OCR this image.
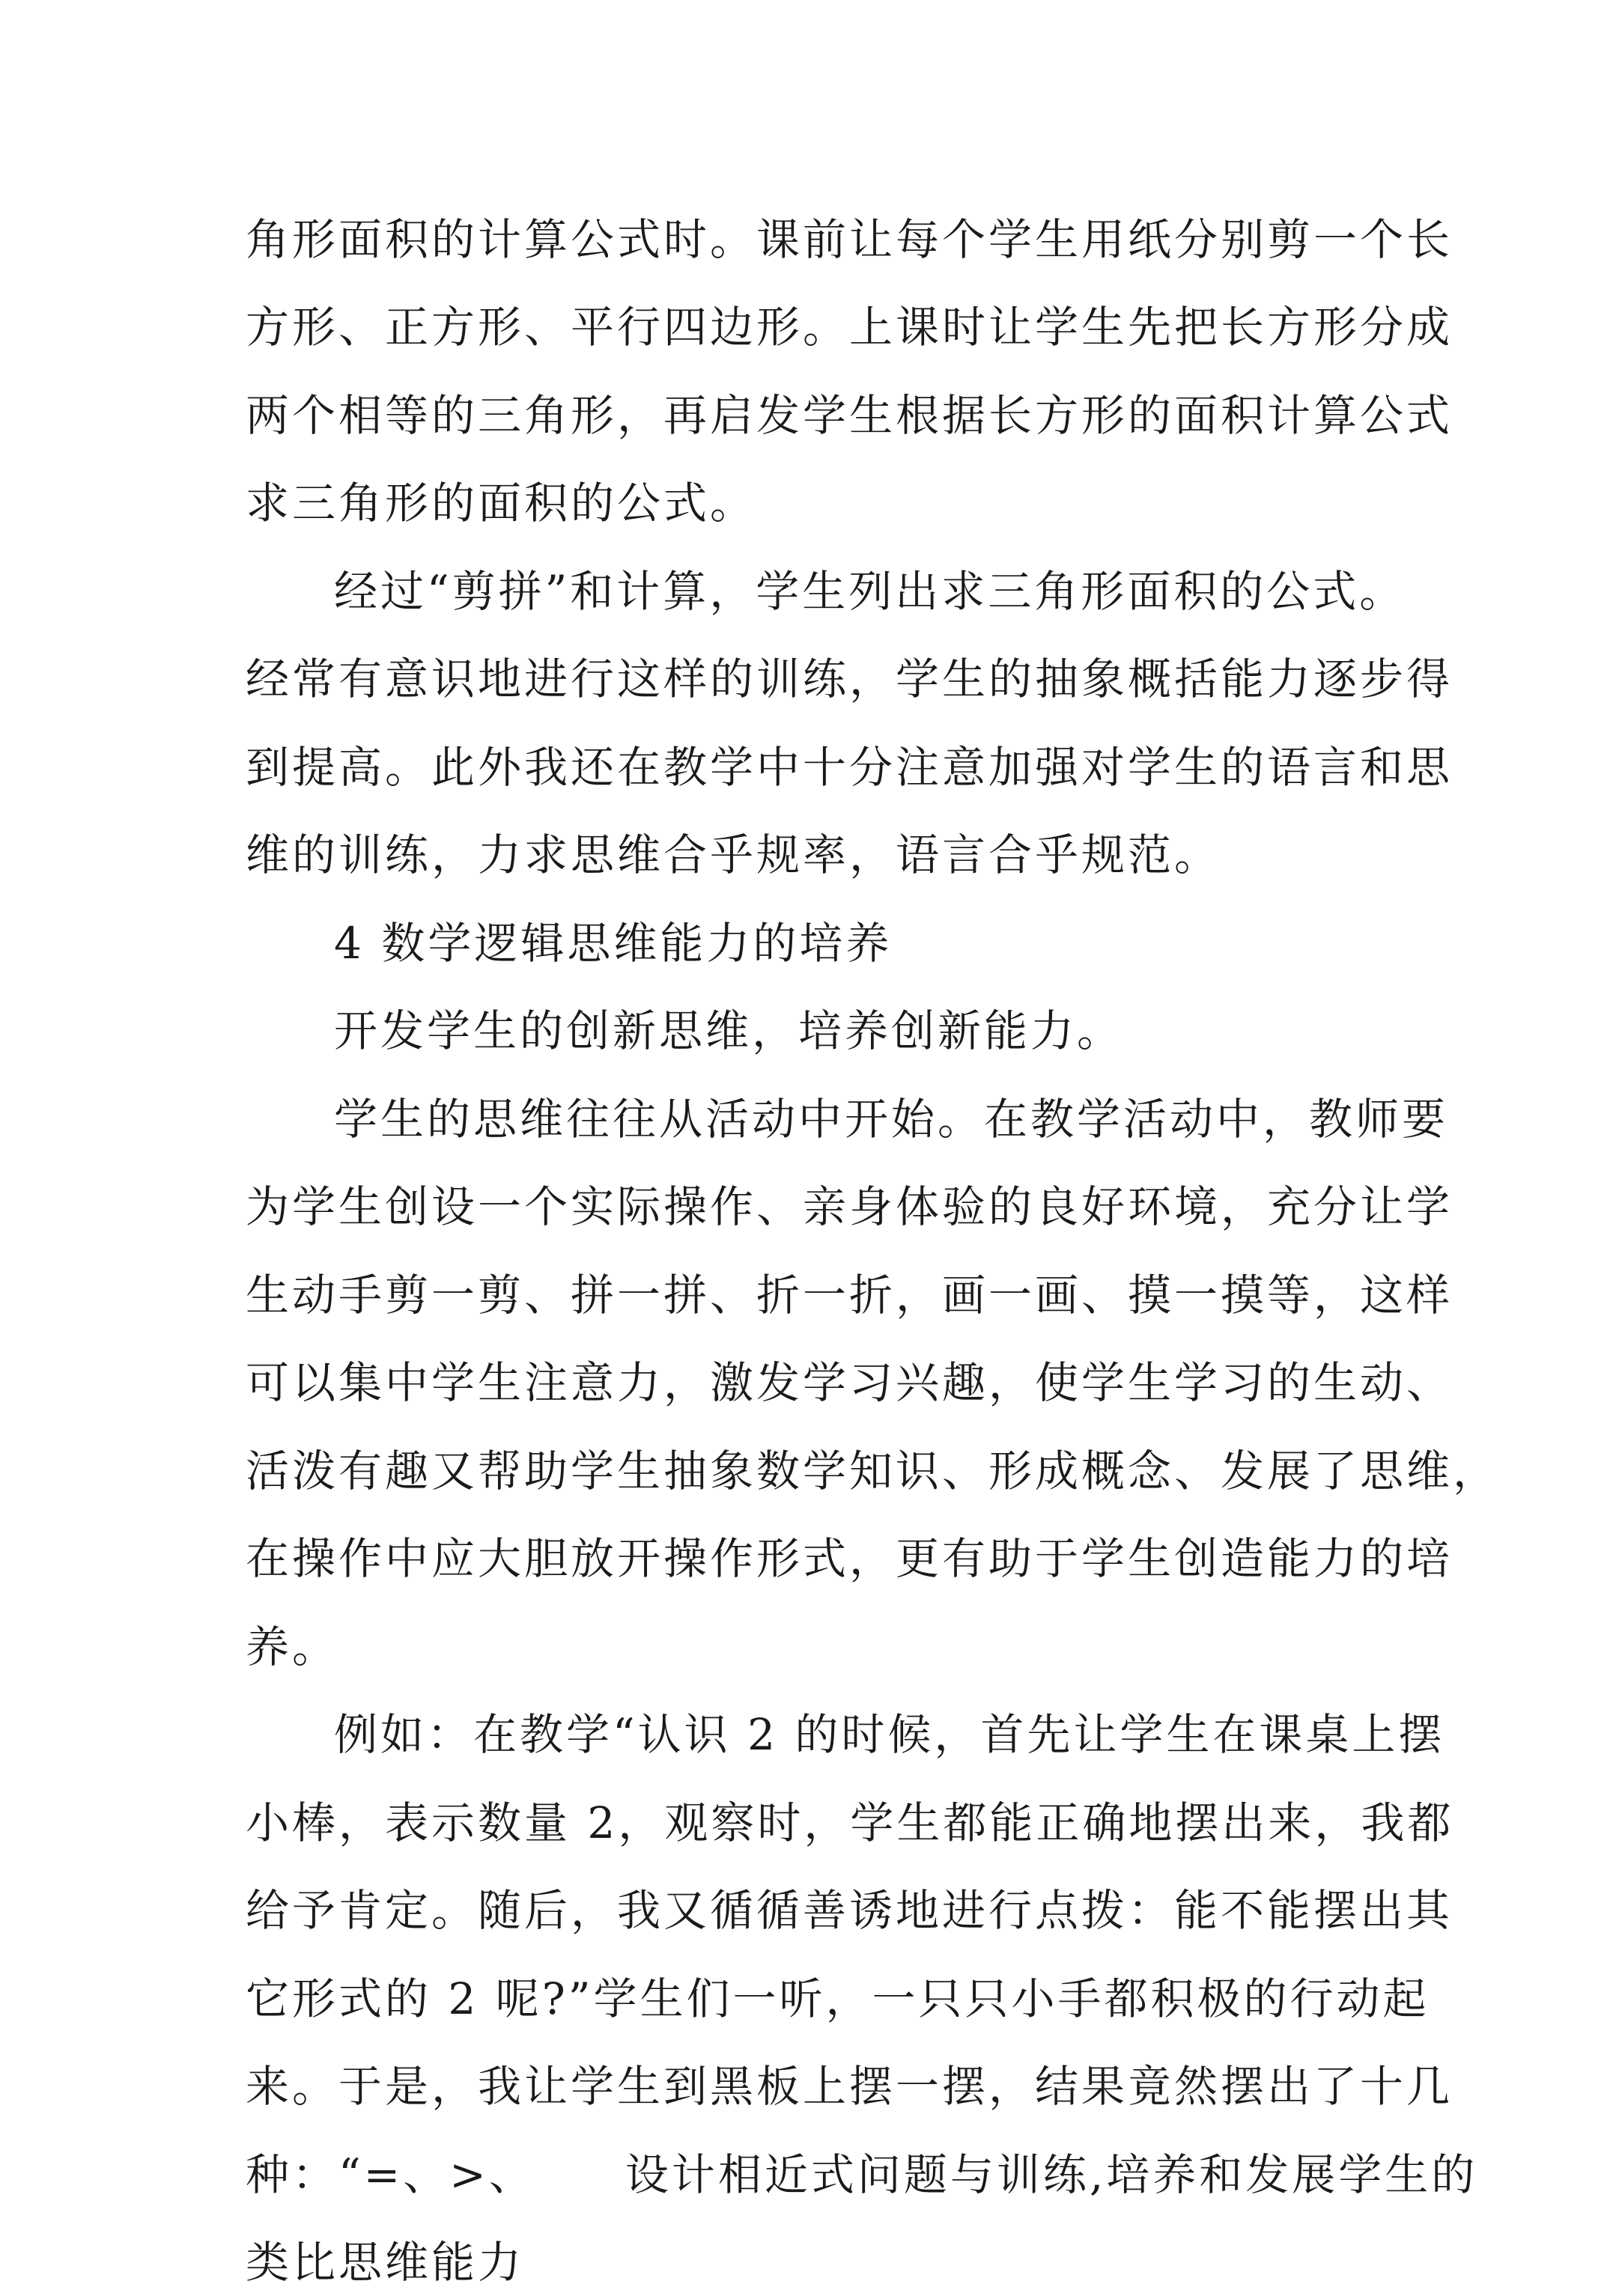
角形面积的计算公式时。课前让每个学生用纸分别剪一个长
方形、正方形、平行四边形。上课时让学生先把长方形分成
两个相等的三角形，再启发学生根据长方形的面积计算公式
求三角形的面积的公式。
经过“剪拼”和计算，学生列出求三角形面积的公式。
经常有意识地进行这样的训练，学生的抽象概括能力逐步得
到提高。此外我还在教学中十分注意加强对学生的语言和思
维的训练，力求思维合乎规率，语言合乎规范。
4 数学逻辑思维能力的培养
开发学生的创新思维，培养创新能力。
学生的思维往往从活动中开始。在教学活动中，教师要
为学生创设一个实际操作、亲身体验的良好环境，充分让学
生动手剪一剪、拼一拼、折一折，画一画、摸一摸等，这样
可以集中学生注意力，激发学习兴趣，使学生学习的生动、
活泼有趣又帮助学生抽象数学知识、形成概念、发展了思维，
在操作中应大胆放开操作形式，更有助于学生创造能力的培
养。
例如：在教学“认识 2 的时候，首先让学生在课桌上摆
小棒，表示数量 2，观察时，学生都能正确地摆出来，我都
给予肯定。随后，我又循循善诱地进行点拨：能不能摆出其
它形式的 2 呢?”学生们一听，一只只小手都积极的行动起
来。于是，我让学生到黑板上摆一摆，结果竟然摆出了十几
种：“=、>、 设计相近式问题与训练,培养和发展学生的
类比思维能力
